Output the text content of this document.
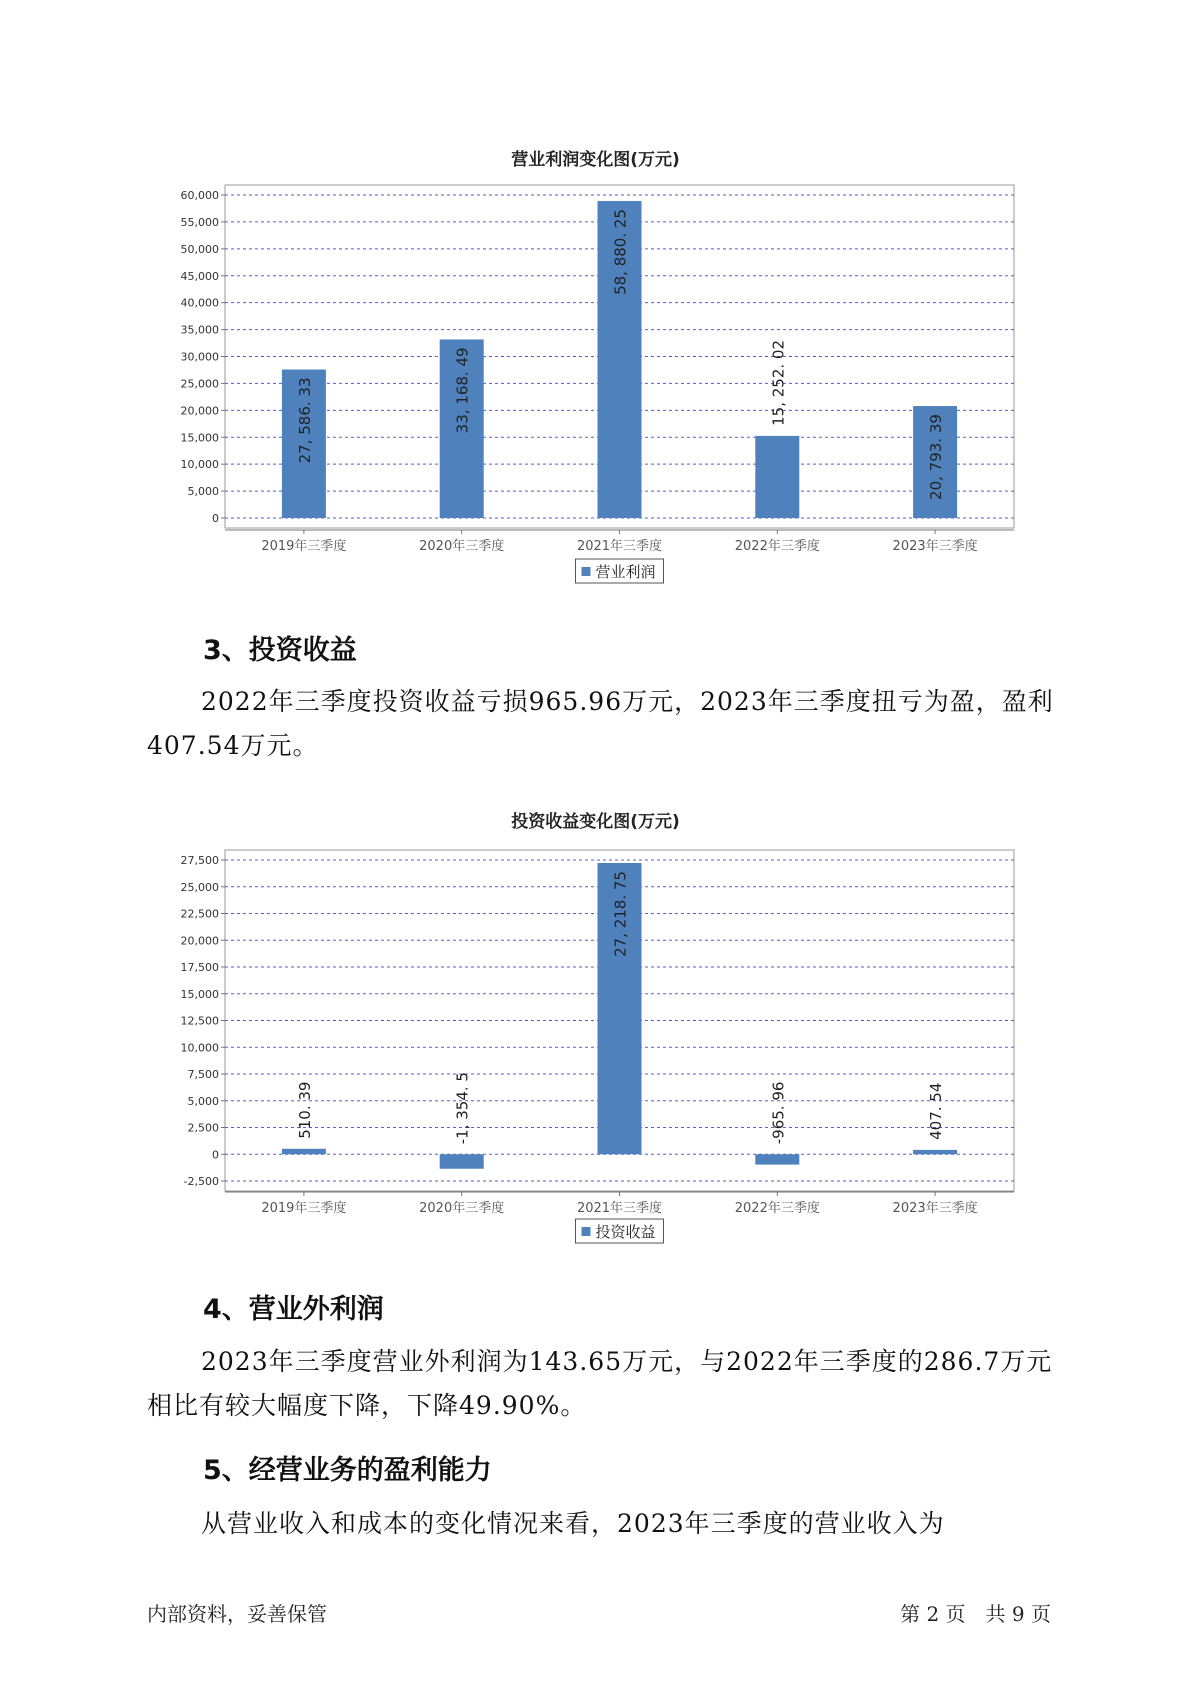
营业利润变化图(万元)
0
5,000
10,000
15,000
20,000
25,000
30,000
35,000
40,000
45,000
50,000
55,000
60,000
2019年三季度
27, 586. 33
2020年三季度
33, 168. 49
2021年三季度
58, 880. 25
2022年三季度
15, 252. 02
2023年三季度
20, 793. 39
营业利润
3、投资收益

2022年三季度投资收益亏损965.96万元，2023年三季度扭亏为盈，盈利407.54万元。

投资收益变化图(万元)
-2,500
0
2,500
5,000
7,500
10,000
12,500
15,000
17,500
20,000
22,500
25,000
27,500
2019年三季度
510. 39
2020年三季度
-1, 354. 5
2021年三季度
27, 218. 75
2022年三季度
-965. 96
2023年三季度
407. 54
投资收益
4、营业外利润

2023年三季度营业外利润为143.65万元，与2022年三季度的286.7万元相比有较大幅度下降，下降49.90%。

5、经营业务的盈利能力

从营业收入和成本的变化情况来看，2023年三季度的营业收入为

内部资料，妥善保管	第 2 页　共 9 页
